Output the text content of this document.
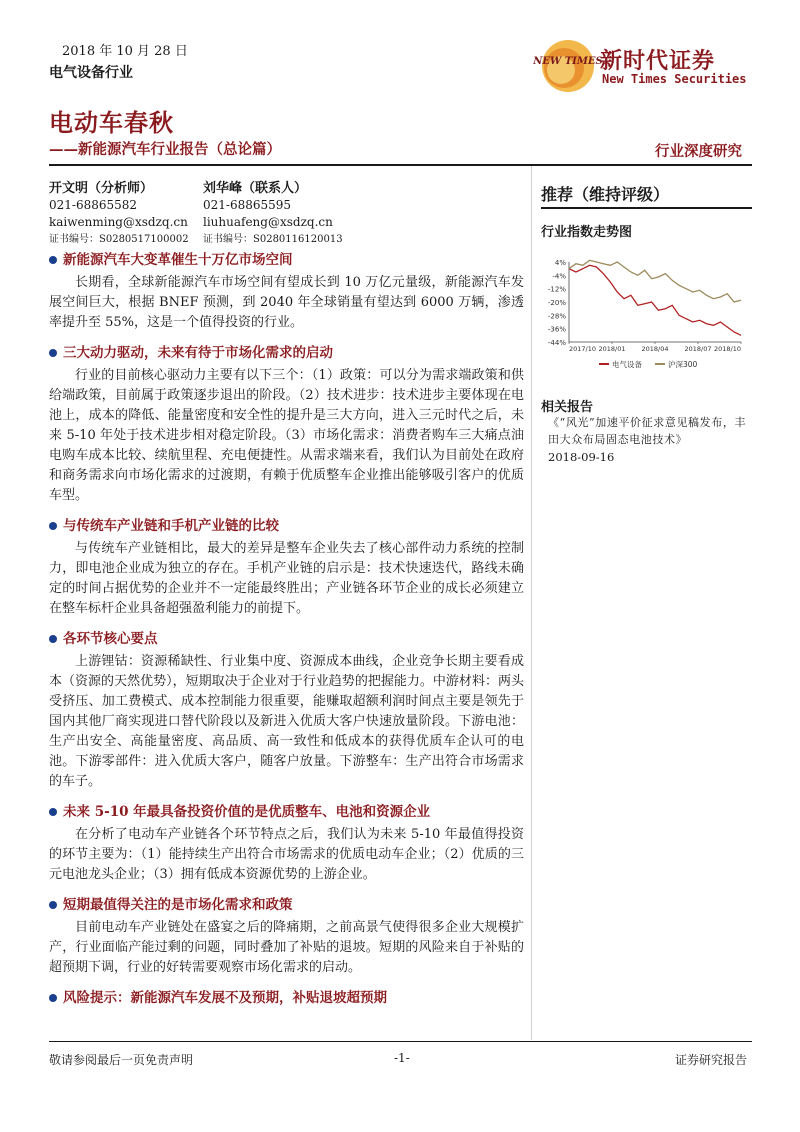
2018 年 10 月 28 日
电气设备行业
NEW TIMES
新时代证券
New Times Securities
电动车春秋
——新能源汽车行业报告（总论篇）	行业深度研究
开文明（分析师）
021-68865582
kaiwenming@xsdzq.cn
证书编号：S0280517100002
刘华峰（联系人）
021-68865595
liuhuafeng@xsdzq.cn
证书编号：S0280116120013
推荐（维持评级）
行业指数走势图
4%
-4%
-12%
-20%
-28%
-36%
-44%
2017/10 2018/01 2018/04 2018/07 2018/10
电气设备	沪深300
相关报告
《“风光”加速平价征求意见稿发布，丰田大众布局固态电池技术》
2018-09-16
新能源汽车大变革催生十万亿市场空间

长期看，全球新能源汽车市场空间有望成长到 10 万亿元量级，新能源汽车发展空间巨大，根据 BNEF 预测，到 2040 年全球销量有望达到 6000 万辆，渗透率提升至 55%，这是一个值得投资的行业。

三大动力驱动，未来有待于市场化需求的启动

行业的目前核心驱动力主要有以下三个：（1）政策：可以分为需求端政策和供给端政策，目前属于政策逐步退出的阶段。（2）技术进步：技术进步主要体现在电池上，成本的降低、能量密度和安全性的提升是三大方向，进入三元时代之后，未来 5-10 年处于技术进步相对稳定阶段。（3）市场化需求：消费者购车三大痛点油电购车成本比较、续航里程、充电便捷性。从需求端来看，我们认为目前处在政府和商务需求向市场化需求的过渡期，有赖于优质整车企业推出能够吸引客户的优质车型。

与传统车产业链和手机产业链的比较

与传统车产业链相比，最大的差异是整车企业失去了核心部件动力系统的控制力，即电池企业成为独立的存在。手机产业链的启示是：技术快速迭代，路线未确定的时间占据优势的企业并不一定能最终胜出；产业链各环节企业的成长必须建立在整车标杆企业具备超强盈利能力的前提下。

各环节核心要点

上游锂钴：资源稀缺性、行业集中度、资源成本曲线，企业竞争长期主要看成本（资源的天然优势），短期取决于企业对于行业趋势的把握能力。中游材料：两头受挤压、加工费模式、成本控制能力很重要，能赚取超额利润时间点主要是领先于国内其他厂商实现进口替代阶段以及新进入优质大客户快速放量阶段。下游电池：生产出安全、高能量密度、高品质、高一致性和低成本的获得优质车企认可的电池。下游零部件：进入优质大客户，随客户放量。下游整车：生产出符合市场需求的车子。

未来 5-10 年最具备投资价值的是优质整车、电池和资源企业

在分析了电动车产业链各个环节特点之后，我们认为未来 5-10 年最值得投资的环节主要为：（1）能持续生产出符合市场需求的优质电动车企业；（2）优质的三元电池龙头企业；（3）拥有低成本资源优势的上游企业。

短期最值得关注的是市场化需求和政策

目前电动车产业链处在盛宴之后的降痛期，之前高景气使得很多企业大规模扩产，行业面临产能过剩的问题，同时叠加了补贴的退坡。短期的风险来自于补贴的超预期下调，行业的好转需要观察市场化需求的启动。

风险提示：新能源汽车发展不及预期，补贴退坡超预期
敬请参阅最后一页免责声明	-1-	证券研究报告
